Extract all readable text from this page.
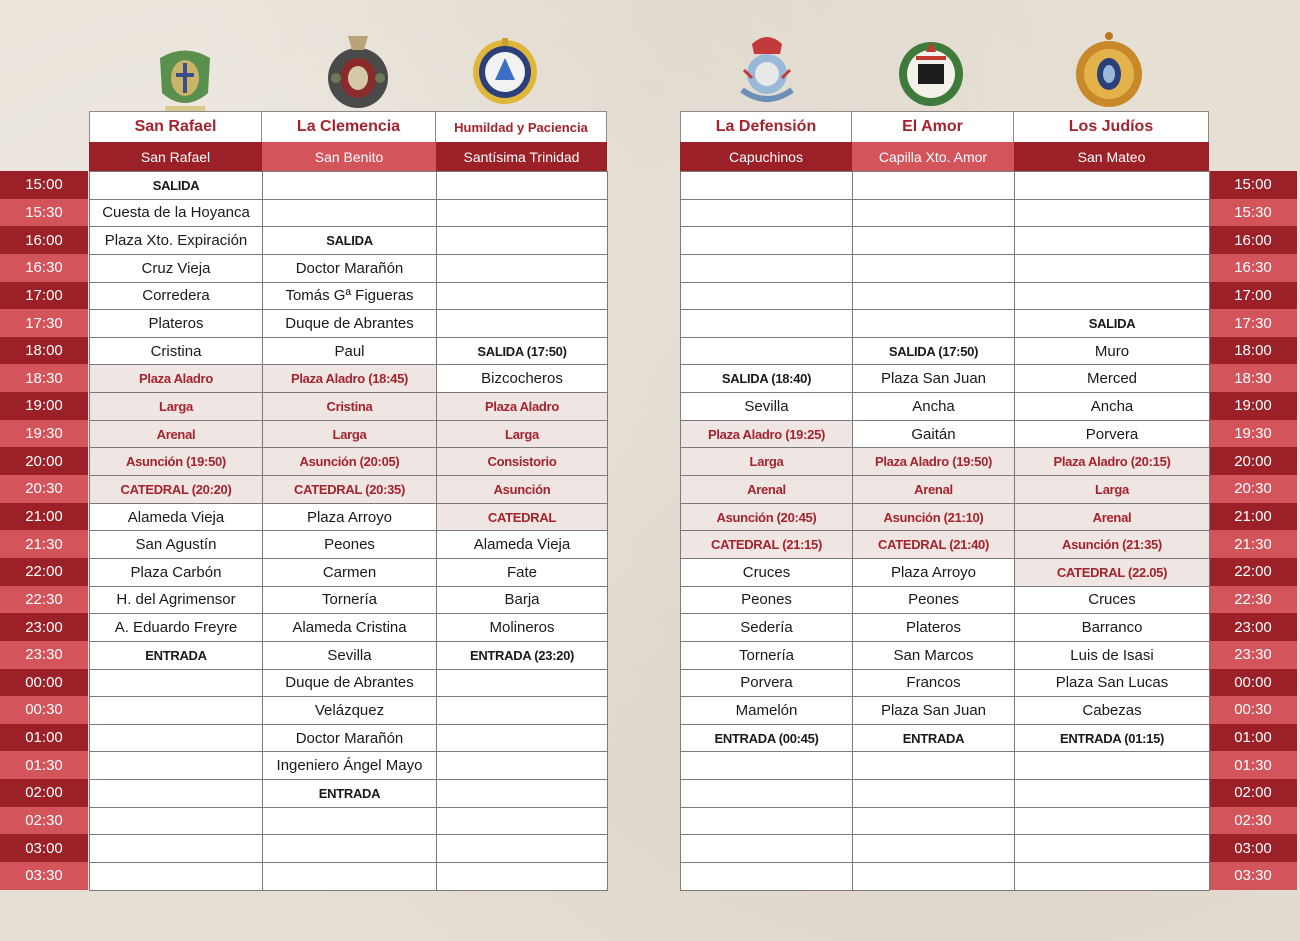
15:00
15:30
16:00
16:30
17:00
17:30
18:00
18:30
19:00
19:30
20:00
20:30
21:00
21:30
22:00
22:30
23:00
23:30
00:00
00:30
01:00
01:30
02:00
02:30
03:00
03:30
15:00
15:30
16:00
16:30
17:00
17:30
18:00
18:30
19:00
19:30
20:00
20:30
21:00
21:30
22:00
22:30
23:00
23:30
00:00
00:30
01:00
01:30
02:00
02:30
03:00
03:30
San Rafael
San Rafael
La Clemencia
San Benito
Humildad y Paciencia
Santísima Trinidad
SALIDA
Cuesta de la Hoyanca
Plaza Xto. Expiración
Cruz Vieja
Corredera
Plateros
Cristina
Plaza Aladro
Larga
Arenal
Asunción (19:50)
CATEDRAL (20:20)
Alameda Vieja
San Agustín
Plaza Carbón
H. del Agrimensor
A. Eduardo Freyre
ENTRADA
SALIDA
Doctor Marañón
Tomás Gª Figueras
Duque de Abrantes
Paul
Plaza Aladro (18:45)
Cristina
Larga
Asunción (20:05)
CATEDRAL (20:35)
Plaza Arroyo
Peones
Carmen
Tornería
Alameda Cristina
Sevilla
Duque de Abrantes
Velázquez
Doctor Marañón
Ingeniero Ángel Mayo
ENTRADA
SALIDA (17:50)
Bizcocheros
Plaza Aladro
Larga
Consistorio
Asunción
CATEDRAL
Alameda Vieja
Fate
Barja
Molineros
ENTRADA (23:20)
La Defensión
Capuchinos
El Amor
Capilla Xto. Amor
Los Judíos
San Mateo
SALIDA (18:40)
Sevilla
Plaza Aladro (19:25)
Larga
Arenal
Asunción (20:45)
CATEDRAL (21:15)
Cruces
Peones
Sedería
Tornería
Porvera
Mamelón
ENTRADA (00:45)
SALIDA (17:50)
Plaza San Juan
Ancha
Gaitán
Plaza Aladro (19:50)
Arenal
Asunción (21:10)
CATEDRAL (21:40)
Plaza Arroyo
Peones
Plateros
San Marcos
Francos
Plaza San Juan
ENTRADA
SALIDA
Muro
Merced
Ancha
Porvera
Plaza Aladro (20:15)
Larga
Arenal
Asunción (21:35)
CATEDRAL (22.05)
Cruces
Barranco
Luis de Isasi
Plaza San Lucas
Cabezas
ENTRADA (01:15)
